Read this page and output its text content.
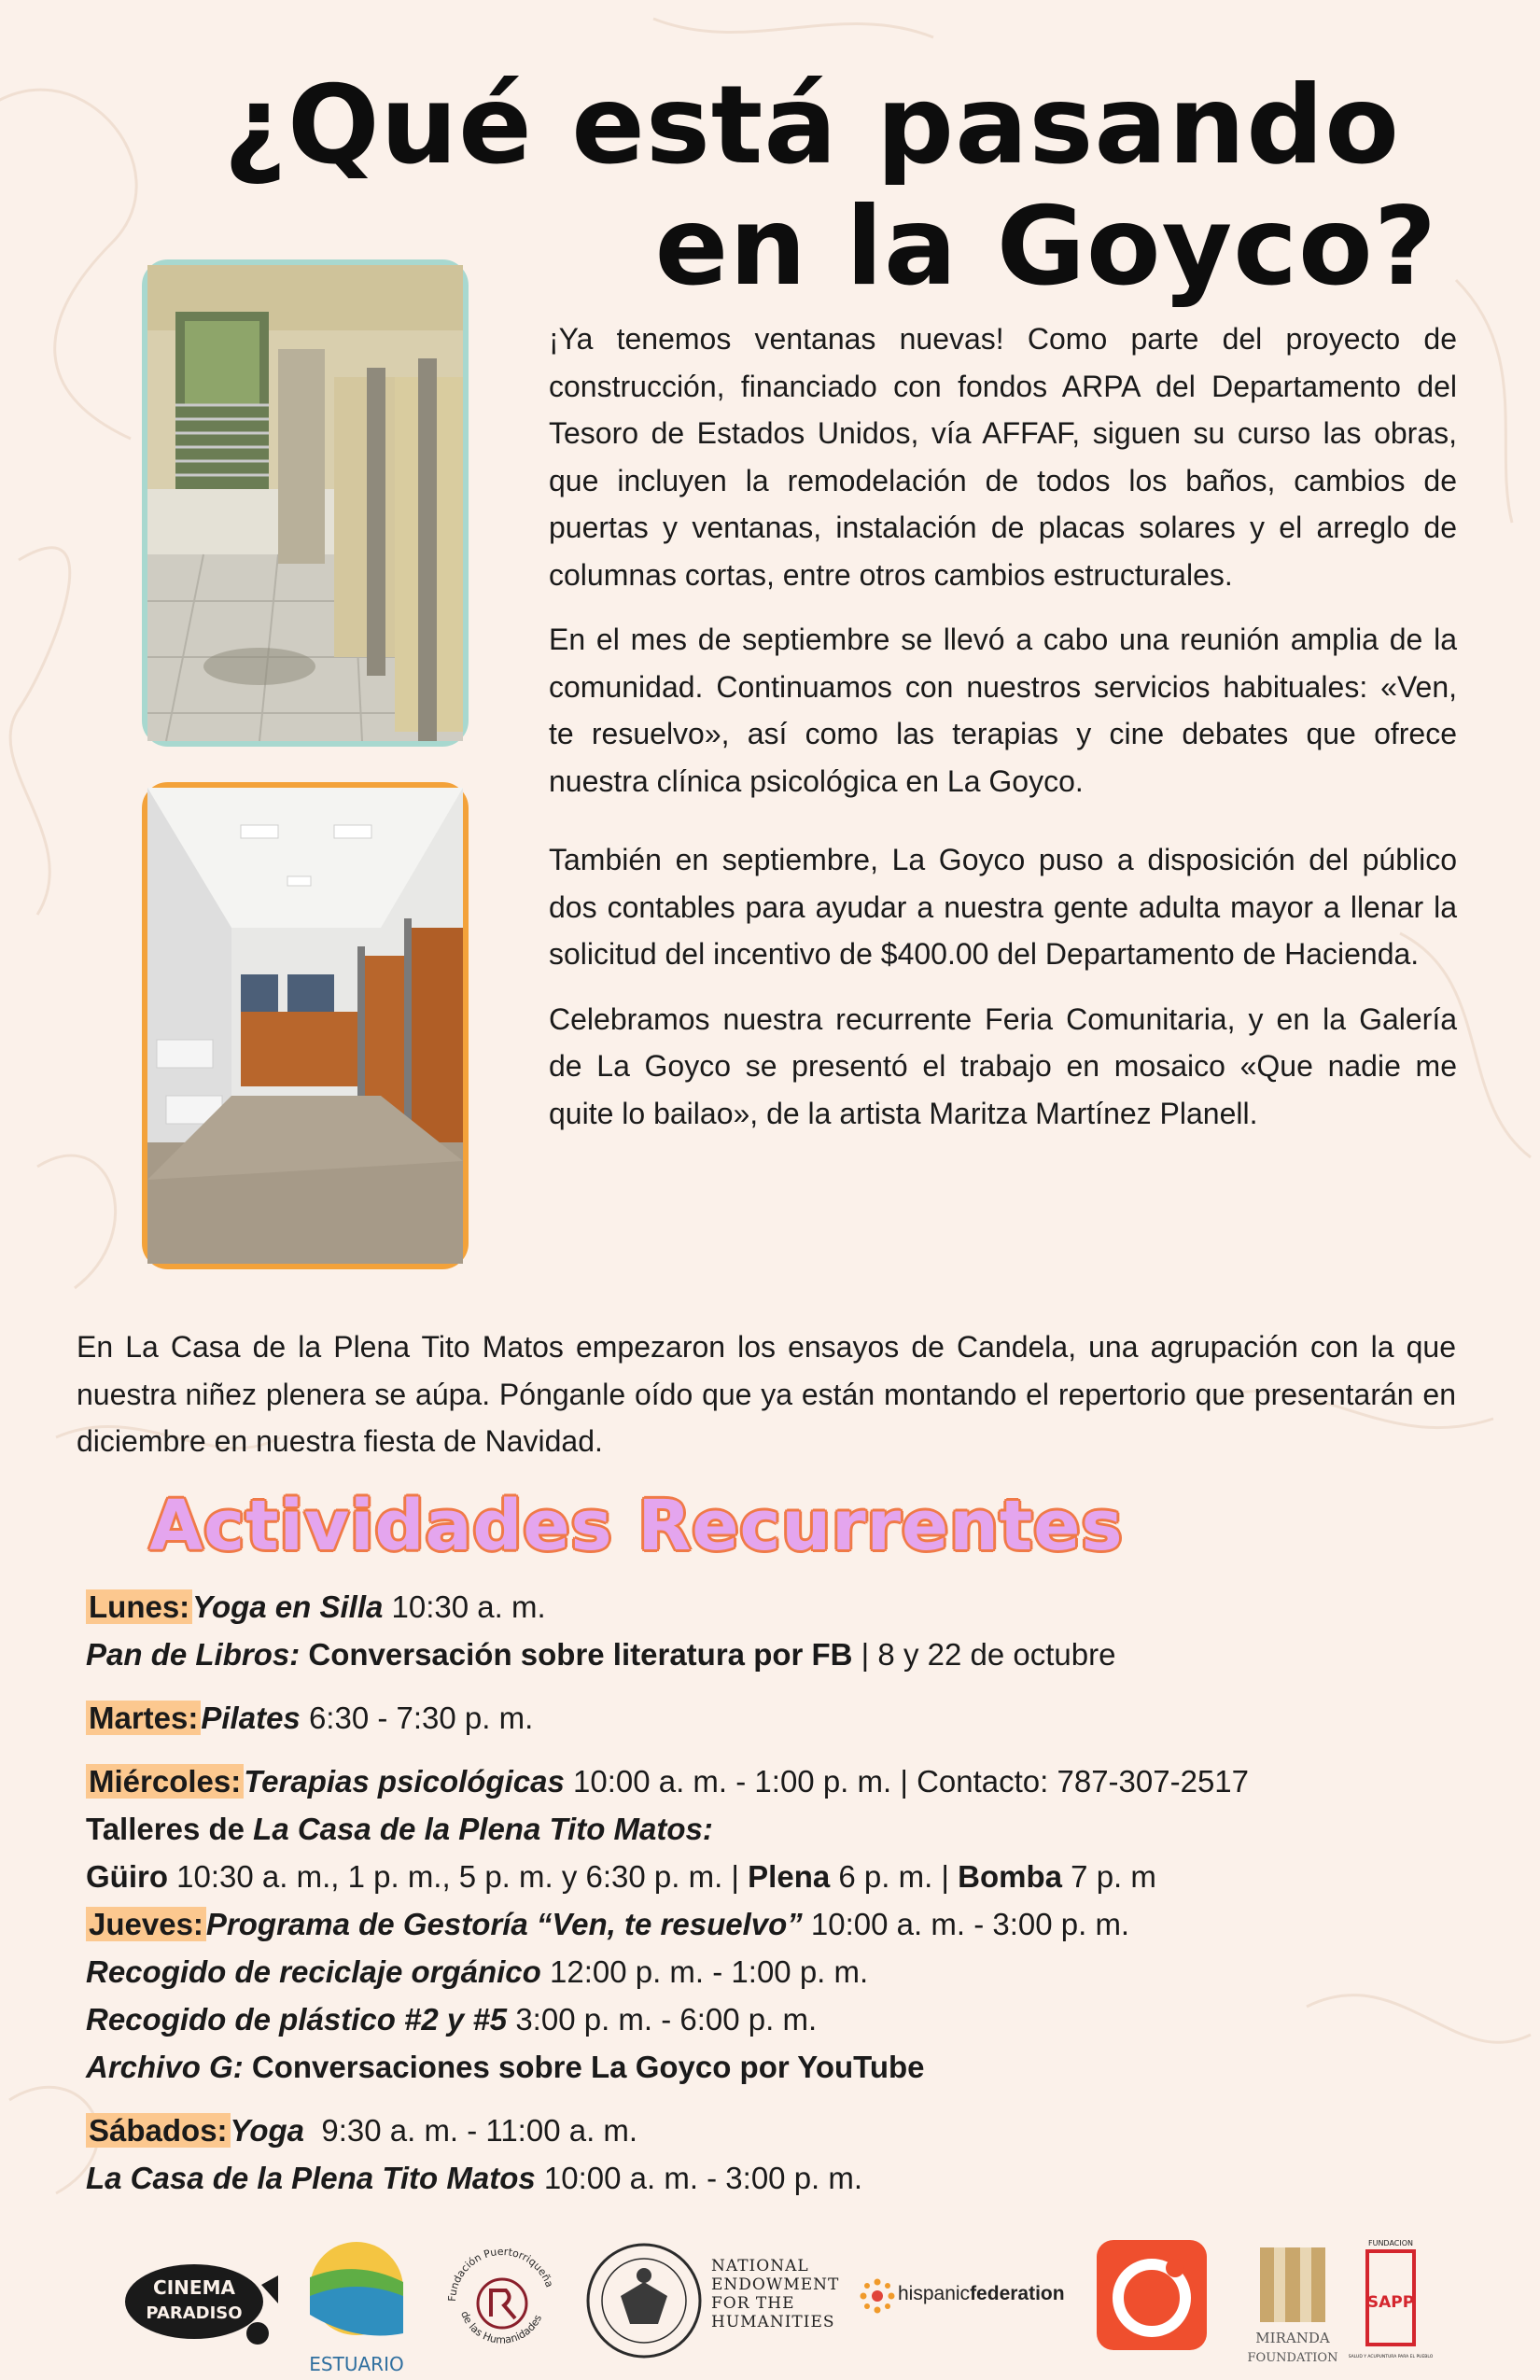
¿Qué está pasando
en la Goyco?

¡Ya tenemos ventanas nuevas! Como parte del proyecto de construcción, financiado con fondos ARPA del Departamento del Tesoro de Estados Unidos, vía AFFAF, siguen su curso las obras, que incluyen la remodelación de todos los baños, cambios de puertas y ventanas, instalación de placas solares y el arreglo de columnas cortas, entre otros cambios estructurales.

En el mes de septiembre se llevó a cabo una reunión amplia de la comunidad. Continuamos con nuestros servicios habituales: «Ven, te resuelvo», así como las terapias y cine debates que ofrece nuestra clínica psicológica en La Goyco.

También en septiembre, La Goyco puso a disposición del público dos contables para ayudar a nuestra gente adulta mayor a llenar la solicitud del incentivo de $400.00 del Departamento de Hacienda.

Celebramos nuestra recurrente Feria Comunitaria, y en la Galería de La Goyco se presentó el trabajo en mosaico «Que nadie me quite lo bailao», de la artista Maritza Martínez Planell.

En La Casa de la Plena Tito Matos empezaron los ensayos de Candela, una agrupación con la que nuestra niñez plenera se aúpa. Pónganle oído que ya están montando el repertorio que presentarán en diciembre en nuestra fiesta de Navidad.

Actividades Recurrentes
Lunes:Yoga en Silla 10:30 a. m.
Pan de Libros: Conversación sobre literatura por FB | 8 y 22 de octubre
Martes:Pilates 6:30 - 7:30 p. m.
Miércoles:Terapias psicológicas 10:00 a. m. - 1:00 p. m. | Contacto: 787-307-2517
Talleres de La Casa de la Plena Tito Matos:
Güiro 10:30 a. m., 1 p. m., 5 p. m. y 6:30 p. m. | Plena 6 p. m. | Bomba 7 p. m
Jueves:Programa de Gestoría “Ven, te resuelvo” 10:00 a. m. - 3:00 p. m.
Recogido de reciclaje orgánico 12:00 p. m. - 1:00 p. m.
Recogido de plástico #2 y #5 3:00 p. m. - 6:00 p. m.
Archivo G: Conversaciones sobre La Goyco por YouTube
Sábados:Yoga  9:30 a. m. - 11:00 a. m.
La Casa de la Plena Tito Matos 10:00 a. m. - 3:00 p. m.
CINEMA
PARADISO
ESTUARIO
Fundación Puertorriqueña
de las Humanidades
NATIONAL
ENDOWMENT
FOR THE
HUMANITIES
hispanicfederation
MIRANDA
FOUNDATION
FUNDACION
SAPP
SALUD Y ACUPUNTURA PARA EL PUEBLO
